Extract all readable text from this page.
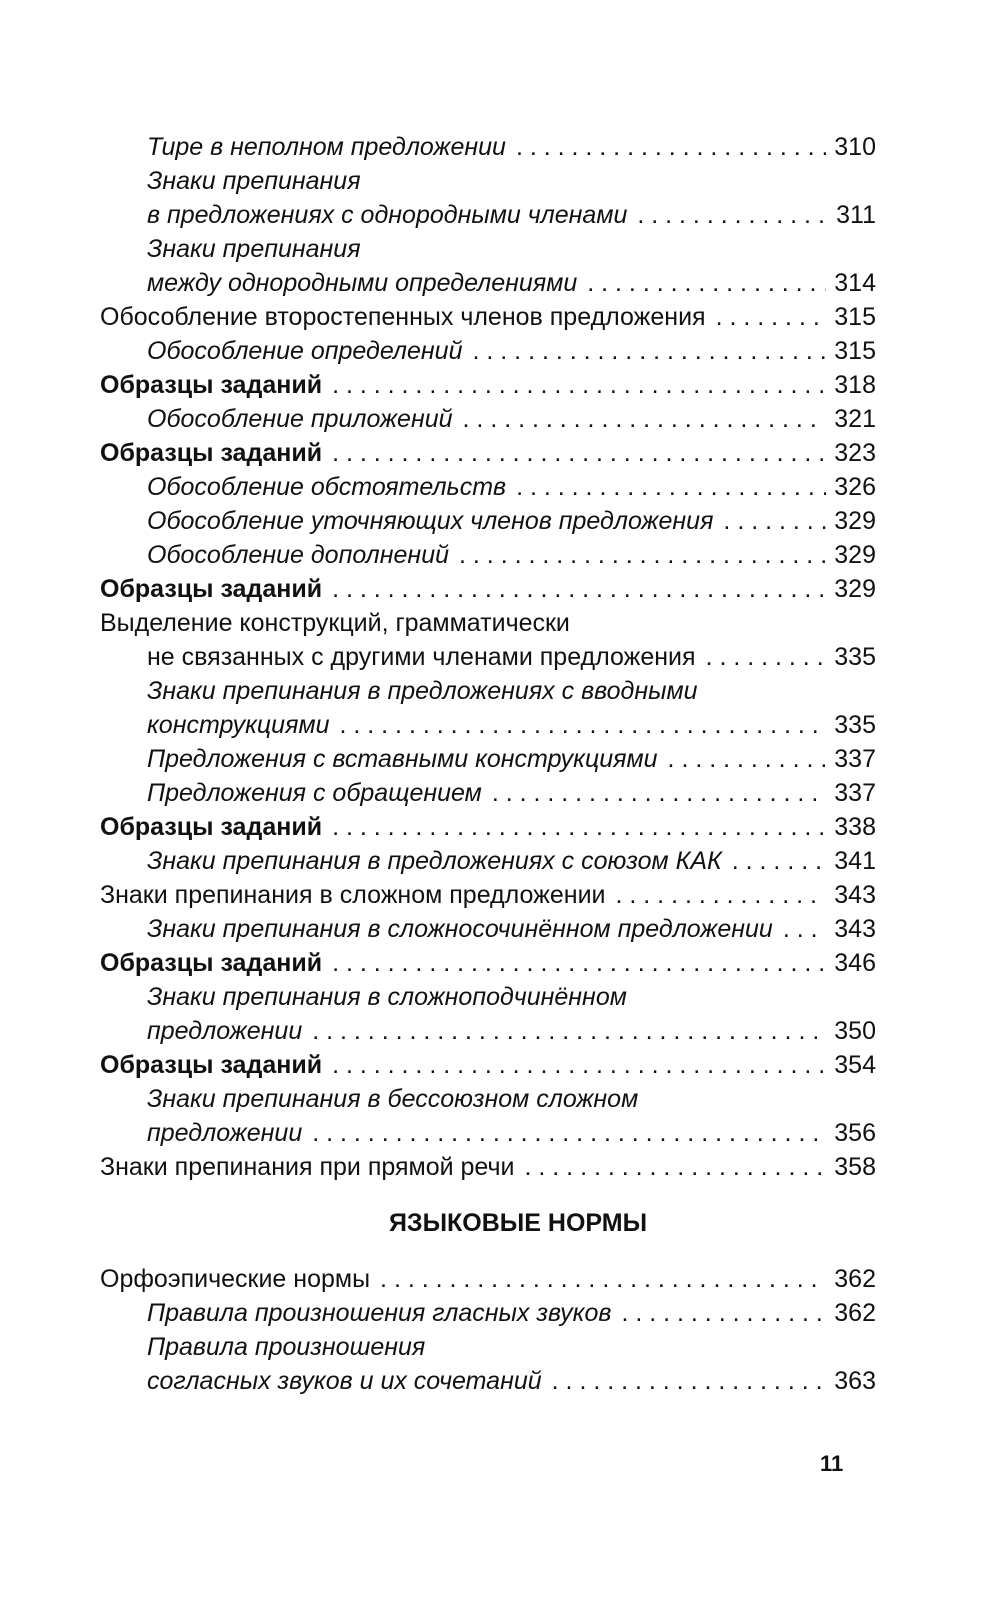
Тире в неполном предложении . . .	310
Знаки препинания
в предложениях с однородными членами . . .	311
Знаки препинания
между однородными определениями . . .	314
Обособление второстепенных членов предложения . . .	315
Обособление определений . . .	315
Образцы заданий . . .	318
Обособление приложений . . .	321
Образцы заданий . . .	323
Обособление обстоятельств . . .	326
Обособление уточняющих членов предложения . . .	329
Обособление дополнений . . .	329
Образцы заданий . . .	329
Выделение конструкций, грамматически
не связанных с другими членами предложения . . .	335
Знаки препинания в предложениях с вводными
конструкциями . . .	335
Предложения с вставными конструкциями . . .	337
Предложения с обращением . . .	337
Образцы заданий . . .	338
Знаки препинания в предложениях с союзом КАК . . .	341
Знаки препинания в сложном предложении . . .	343
Знаки препинания в сложносочинённом предложении . . . 343
Образцы заданий . . .	346
Знаки препинания в сложноподчинённом
предложении . . .	350
Образцы заданий . . .	354
Знаки препинания в бессоюзном сложном
предложении . . .	356
Знаки препинания при прямой речи . . .	358
ЯЗЫКОВЫЕ НОРМЫ
Орфоэпические нормы . . .	362
Правила произношения гласных звуков . . .	362
Правила произношения
согласных звуков и их сочетаний . . .	363
11
